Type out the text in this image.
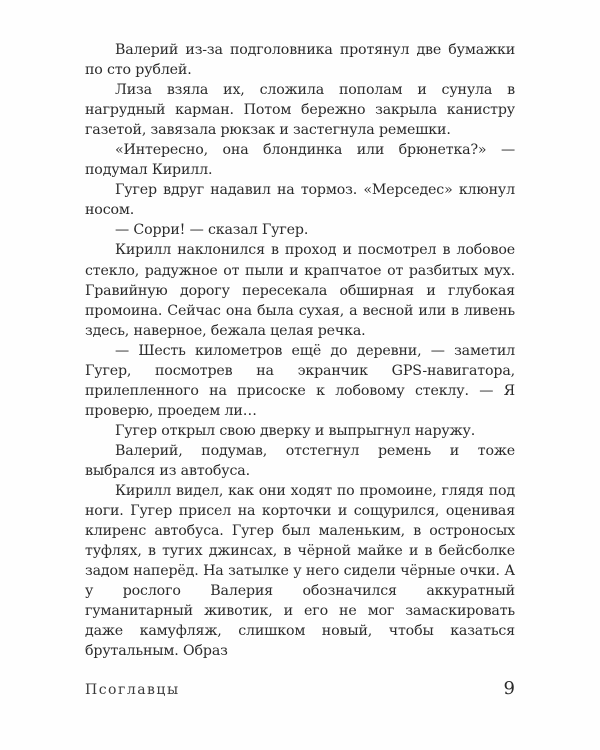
Валерий из-за подголовника протянул две бумажки по сто рублей.

Лиза взяла их, сложила пополам и сунула в нагрудный карман. Потом бережно закрыла канистру газетой, завязала рюкзак и застегнула ремешки.

«Интересно, она блондинка или брюнетка?» — подумал Кирилл.

Гугер вдруг надавил на тормоз. «Мерседес» клюнул носом.

— Сорри! — сказал Гугер.

Кирилл наклонился в проход и посмотрел в лобовое стекло, радужное от пыли и крапчатое от разбитых мух. Гравийную дорогу пересекала обширная и глубокая промоина. Сейчас она была сухая, а весной или в ливень здесь, наверное, бежала целая речка.

— Шесть километров ещё до деревни, — заметил Гугер, посмотрев на экранчик GPS-навигатора, прилепленного на присоске к лобовому стеклу. — Я проверю, проедем ли…

Гугер открыл свою дверку и выпрыгнул наружу.

Валерий, подумав, отстегнул ремень и тоже выбрался из автобуса.

Кирилл видел, как они ходят по промоине, глядя под ноги. Гугер присел на корточки и сощурился, оценивая клиренс автобуса. Гугер был маленьким, в остроносых туфлях, в тугих джинсах, в чёрной майке и в бейсболке задом наперёд. На затылке у него сидели чёрные очки. А у рослого Валерия обозначился аккуратный гуманитарный животик, и его не мог замаскировать даже камуфляж, слишком новый, чтобы казаться брутальным. Образ

Псоглавцы	9
